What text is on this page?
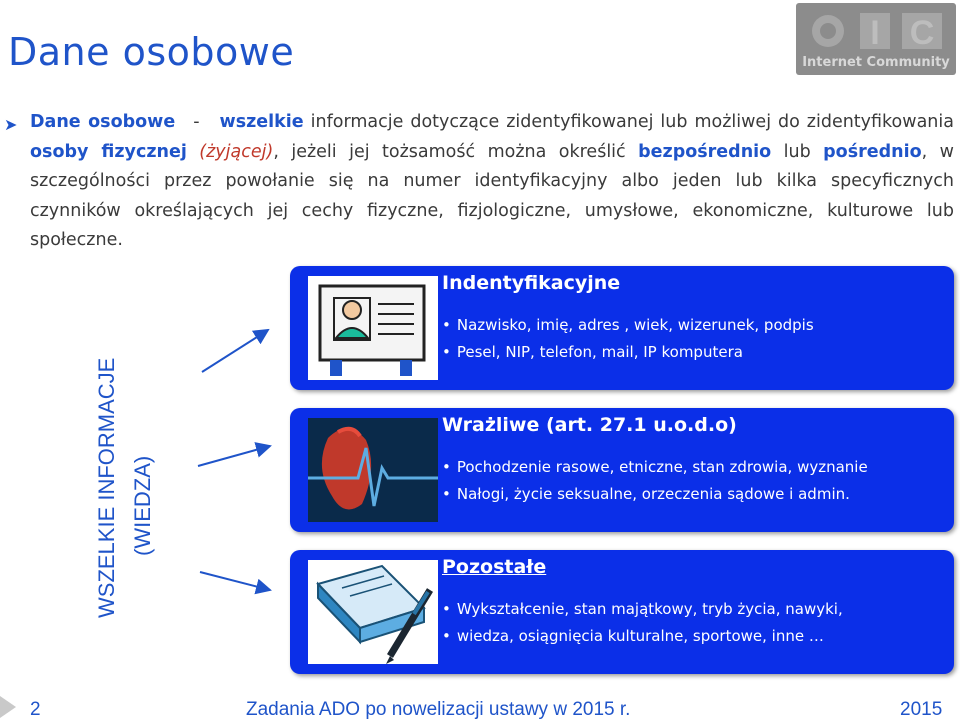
Dane osobowe	I C
Internet Community
➤ Dane osobowe - wszelkie informacje dotyczące zidentyfikowanej lub możliwej do zidentyfikowania osoby fizycznej (żyjącej), jeżeli jej tożsamość można określić bezpośrednio lub pośrednio, w szczególności przez powołanie się na numer identyfikacyjny albo jeden lub kilka specyficznych czynników określających jej cechy fizyczne, fizjologiczne, umysłowe, ekonomiczne, kulturowe lub społeczne.
WSZELKIE INFORMACJE (WIEDZA)
Indentyfikacyjne
• Nazwisko, imię, adres , wiek, wizerunek, podpis
• Pesel, NIP, telefon, mail, IP komputera
Wrażliwe (art. 27.1 u.o.d.o)
• Pochodzenie rasowe, etniczne, stan zdrowia, wyznanie
• Nałogi, życie seksualne, orzeczenia sądowe i admin.
Pozostałe
• Wykształcenie, stan majątkowy, tryb życia, nawyki,
• wiedza, osiągnięcia kulturalne, sportowe, inne …
2	Zadania ADO po nowelizacji ustawy w 2015 r.	2015
